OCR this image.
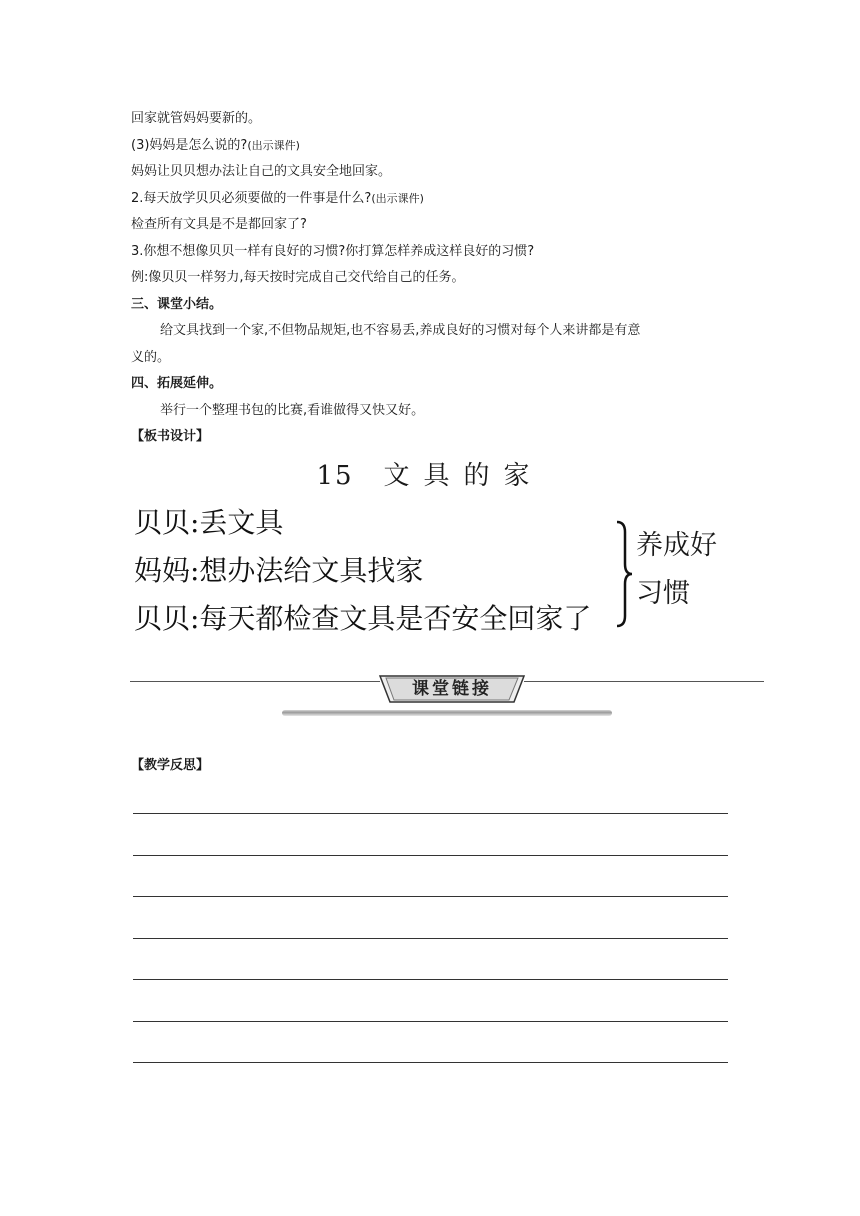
回家就管妈妈要新的。
(3)妈妈是怎么说的?(出示课件)
妈妈让贝贝想办法让自己的文具安全地回家。
2.每天放学贝贝必须要做的一件事是什么?(出示课件)
检查所有文具是不是都回家了?
3.你想不想像贝贝一样有良好的习惯?你打算怎样养成这样良好的习惯?
例:像贝贝一样努力,每天按时完成自己交代给自己的任务。
三、课堂小结。
给文具找到一个家,不但物品规矩,也不容易丢,养成良好的习惯对每个人来讲都是有意
义的。
四、拓展延伸。
举行一个整理书包的比赛,看谁做得又快又好。
【板书设计】
15 文具的家
贝贝:丢文具
妈妈:想办法给文具找家
贝贝:每天都检查文具是否安全回家了
养成好
习惯
课堂链接
【教学反思】
